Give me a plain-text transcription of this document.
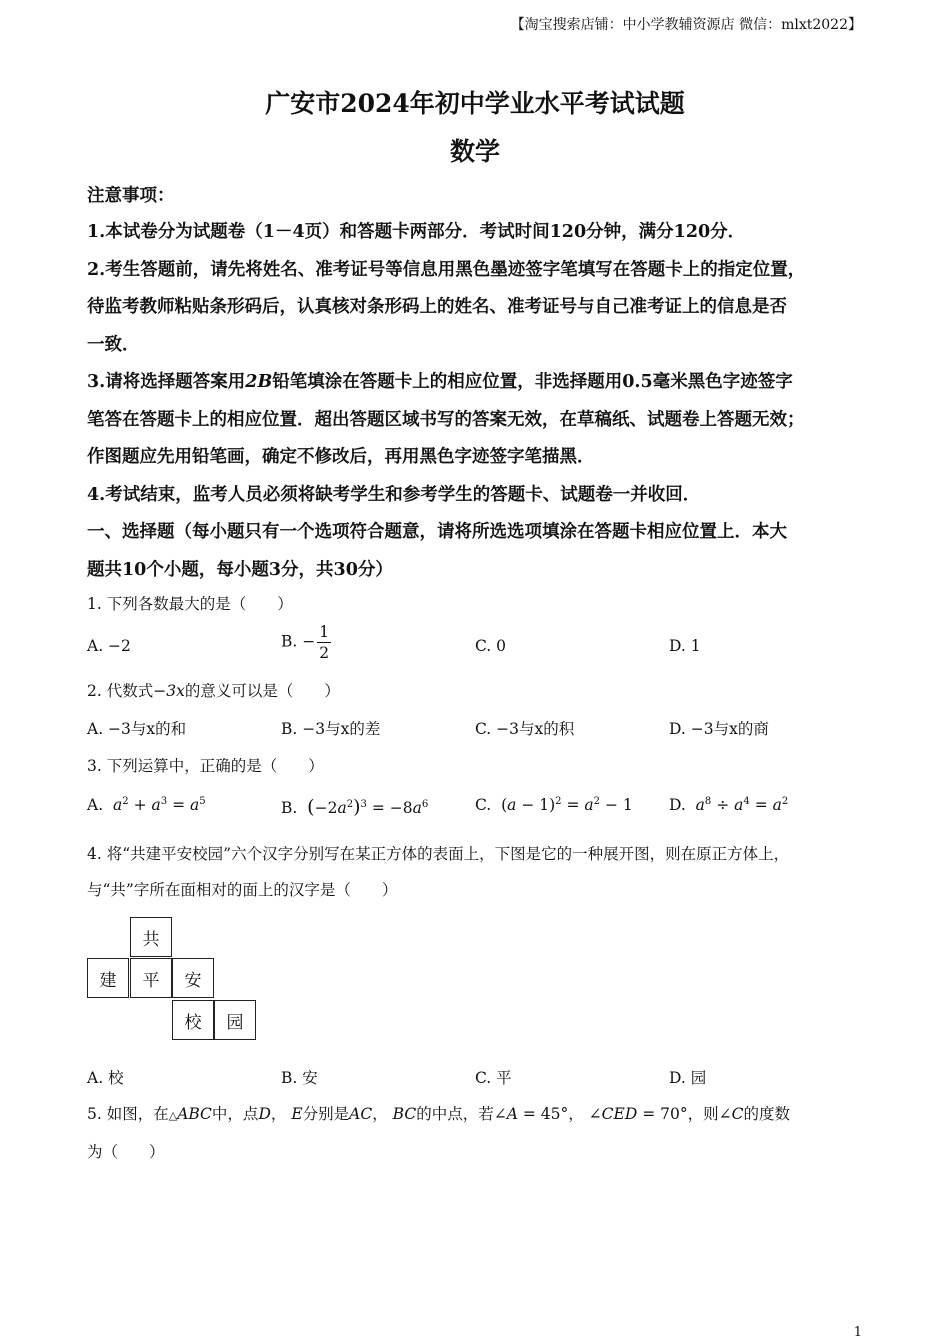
【淘宝搜索店铺：中小学教辅资源店 微信：mlxt2022】
广安市2024年初中学业水平考试试题
数学
注意事项：
1.本试卷分为试题卷（1－4页）和答题卡两部分．考试时间120分钟，满分120分．
2.考生答题前，请先将姓名、准考证号等信息用黑色墨迹签字笔填写在答题卡上的指定位置，
待监考教师粘贴条形码后，认真核对条形码上的姓名、准考证号与自己准考证上的信息是否
一致．
3.请将选择题答案用2B铅笔填涂在答题卡上的相应位置，非选择题用0.5毫米黑色字迹签字
笔答在答题卡上的相应位置．超出答题区域书写的答案无效，在草稿纸、试题卷上答题无效；
作图题应先用铅笔画，确定不修改后，再用黑色字迹签字笔描黑．
4.考试结束，监考人员必须将缺考学生和参考学生的答题卡、试题卷一并收回．
一、选择题（每小题只有一个选项符合题意，请将所选选项填涂在答题卡相应位置上．本大
题共10个小题，每小题3分，共30分）
1. 下列各数最大的是（　　）
A. −2	B. − $\frac{1}{2}$	C. 0	D. 1
2. 代数式−3x的意义可以是（　　）
A. −3与x的和	B. −3与x的差	C. −3与x的积	D. −3与x的商
3. 下列运算中，正确的是（　　）
A.  $a^2 + a^3 = a^5$	B.  $(-2a^2)^3 = -8a^6$	C.  $(a - 1)^2 = a^2 - 1$ D.  $a^8 \div a^4 = a^2$
4. 将“共建平安校园”六个汉字分别写在某正方体的表面上，下图是它的一种展开图，则在原正方体上，
与“共”字所在面相对的面上的汉字是（　　）
共
建	平	安
校	园
A. 校	B. 安	C. 平	D. 园
5. 如图，在△ABC中，点D， E分别是AC， BC的中点，若∠A = 45°， ∠CED = 70°，则∠C的度数
为（　　）
1
